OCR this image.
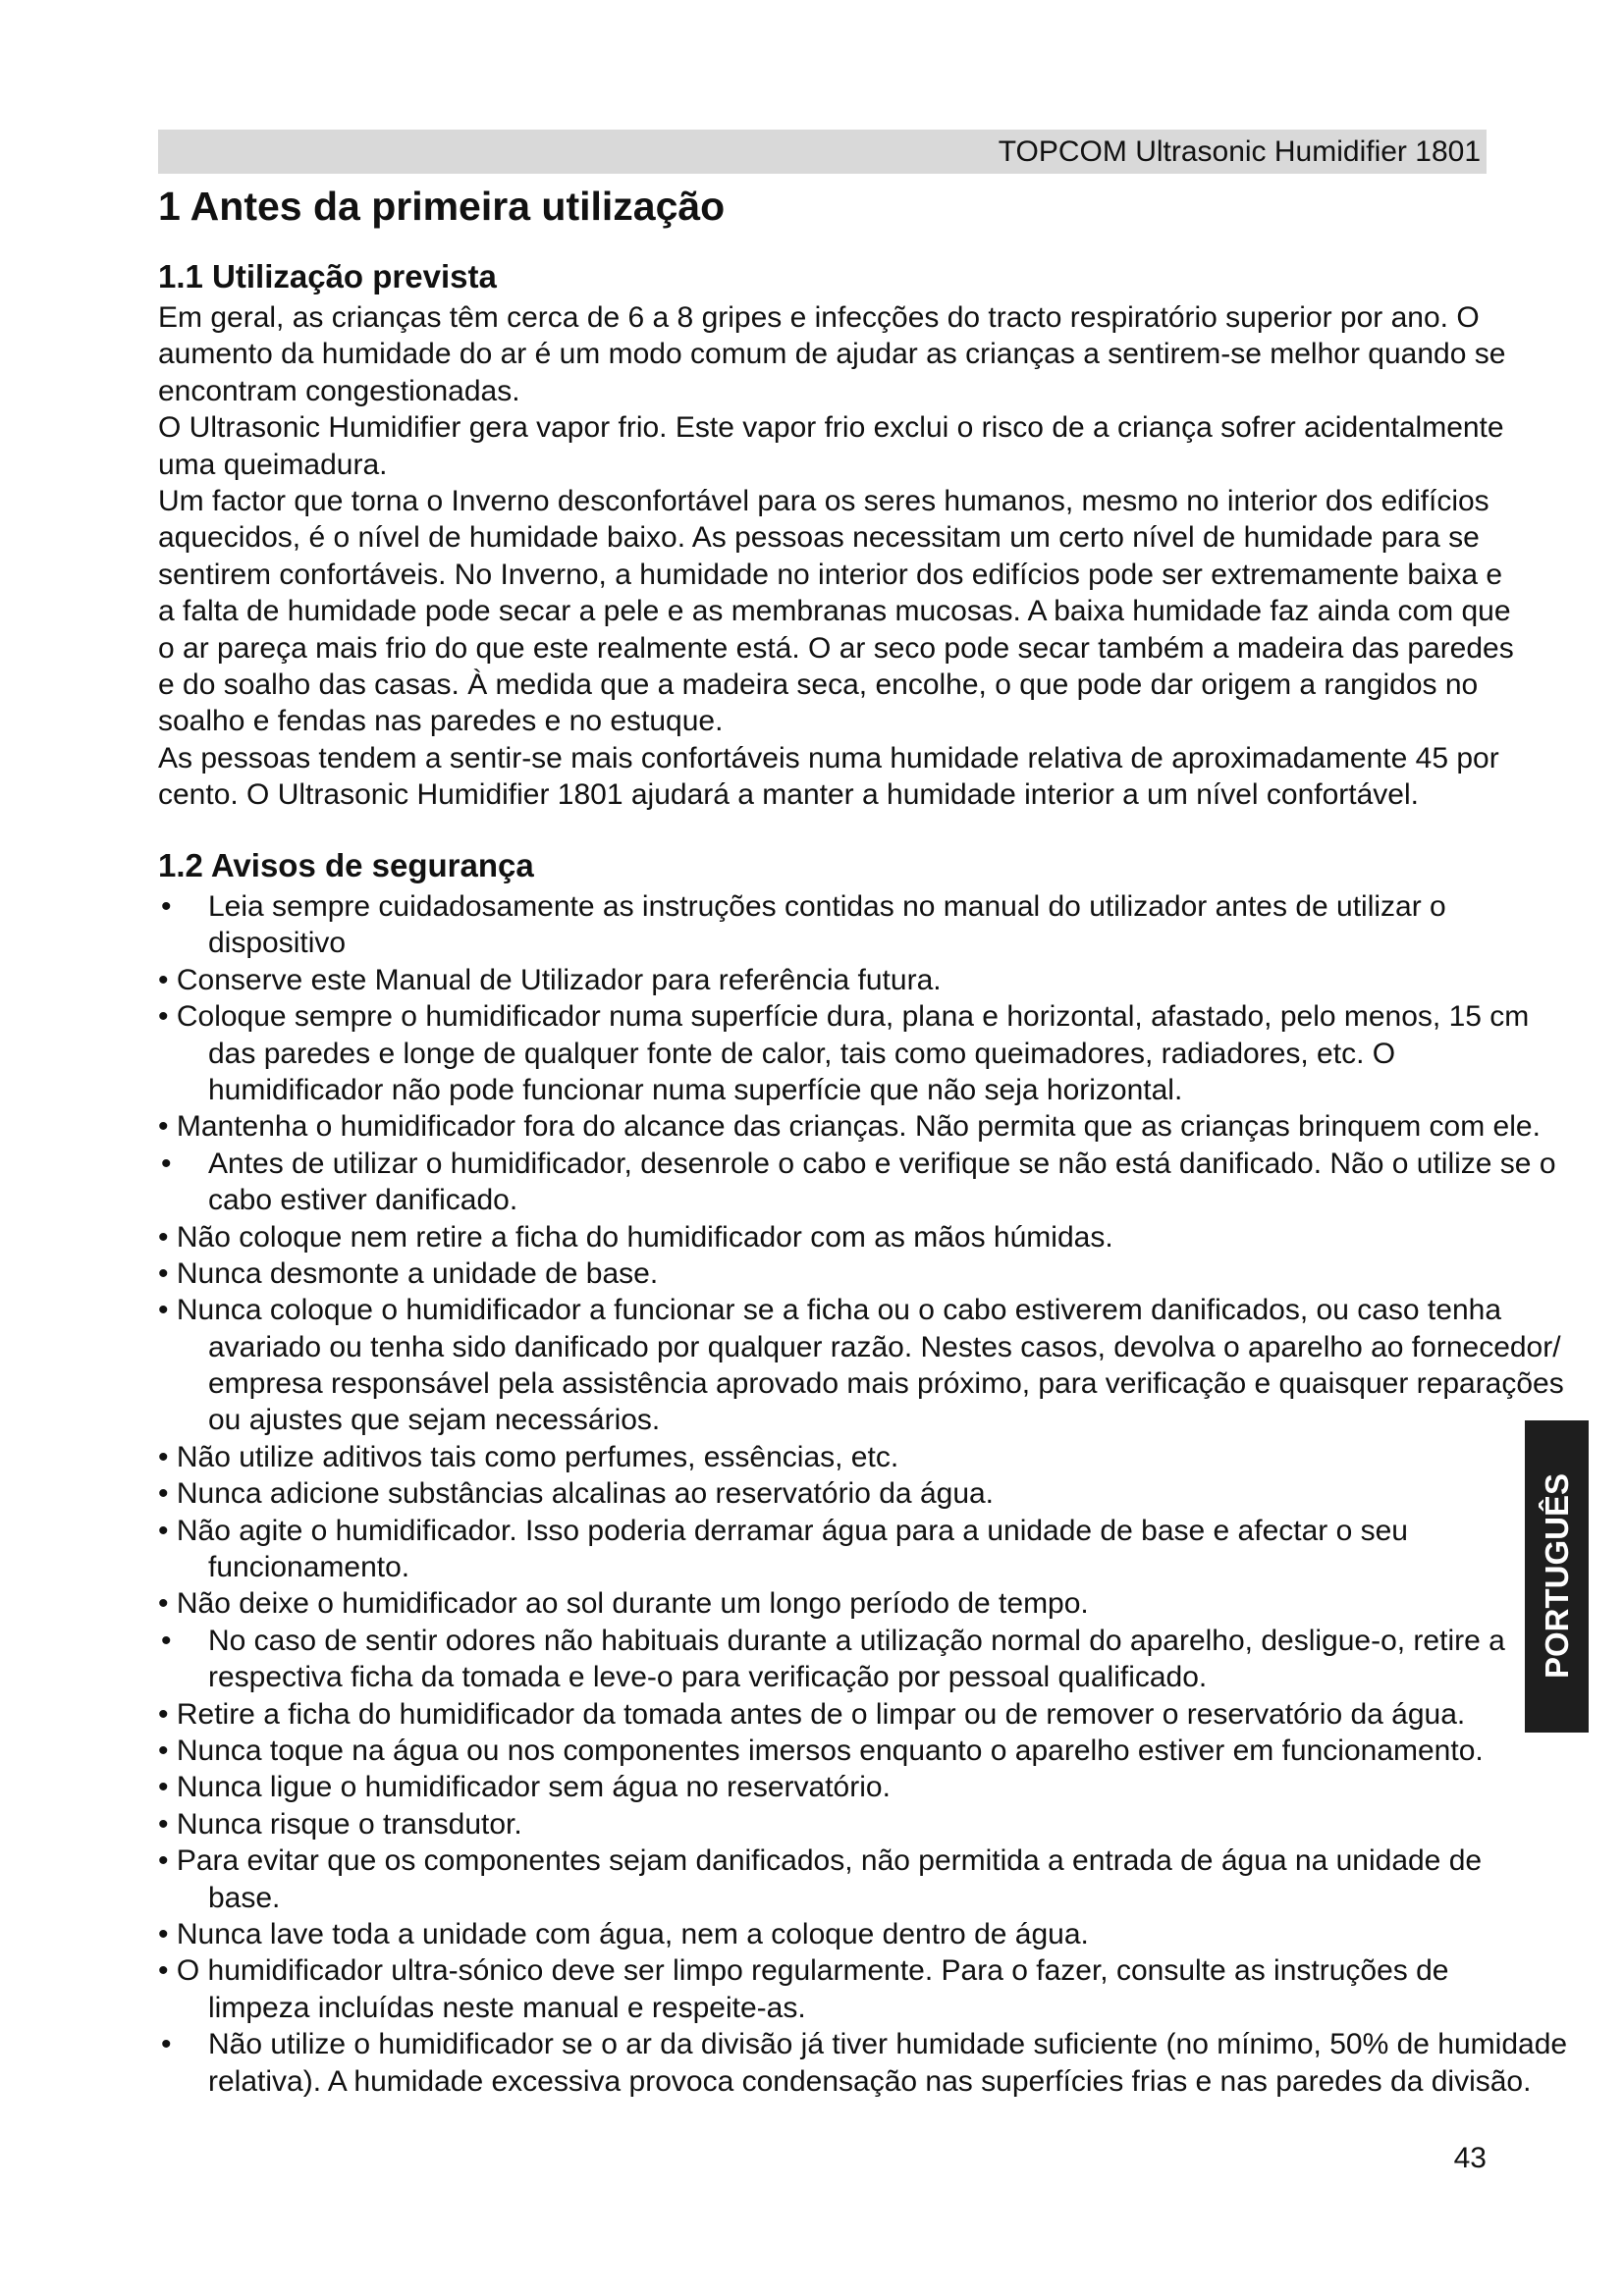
TOPCOM Ultrasonic Humidifier 1801
1 Antes da primeira utilização
1.1 Utilização prevista
Em geral, as crianças têm cerca de 6 a 8 gripes e infecções do tracto respiratório superior por ano. O
aumento da humidade do ar é um modo comum de ajudar as crianças a sentirem-se melhor quando se
encontram congestionadas.
O Ultrasonic Humidifier gera vapor frio. Este vapor frio exclui o risco de a criança sofrer acidentalmente
uma queimadura.
Um factor que torna o Inverno desconfortável para os seres humanos, mesmo no interior dos edifícios
aquecidos, é o nível de humidade baixo. As pessoas necessitam um certo nível de humidade para se
sentirem confortáveis. No Inverno, a humidade no interior dos edifícios pode ser extremamente baixa e
a falta de humidade pode secar a pele e as membranas mucosas. A baixa humidade faz ainda com que
o ar pareça mais frio do que este realmente está. O ar seco pode secar também a madeira das paredes
e do soalho das casas. À medida que a madeira seca, encolhe, o que pode dar origem a rangidos no
soalho e fendas nas paredes e no estuque.
As pessoas tendem a sentir-se mais confortáveis numa humidade relativa de aproximadamente 45 por
cento. O Ultrasonic Humidifier 1801 ajudará a manter a humidade interior a um nível confortável.
1.2 Avisos de segurança
• Leia sempre cuidadosamente as instruções contidas no manual do utilizador antes de utilizar o
dispositivo
• Conserve este Manual de Utilizador para referência futura.
• Coloque sempre o humidificador numa superfície dura, plana e horizontal, afastado, pelo menos, 15 cm
das paredes e longe de qualquer fonte de calor, tais como queimadores, radiadores, etc. O
humidificador não pode funcionar numa superfície que não seja horizontal.
• Mantenha o humidificador fora do alcance das crianças. Não permita que as crianças brinquem com ele.
• Antes de utilizar o humidificador, desenrole o cabo e verifique se não está danificado. Não o utilize se o
cabo estiver danificado.
• Não coloque nem retire a ficha do humidificador com as mãos húmidas.
• Nunca desmonte a unidade de base.
• Nunca coloque o humidificador a funcionar se a ficha ou o cabo estiverem danificados, ou caso tenha
avariado ou tenha sido danificado por qualquer razão. Nestes casos, devolva o aparelho ao fornecedor/
empresa responsável pela assistência aprovado mais próximo, para verificação e quaisquer reparações
ou ajustes que sejam necessários.
• Não utilize aditivos tais como perfumes, essências, etc.
• Nunca adicione substâncias alcalinas ao reservatório da água.
• Não agite o humidificador. Isso poderia derramar água para a unidade de base e afectar o seu
funcionamento.
• Não deixe o humidificador ao sol durante um longo período de tempo.
• No caso de sentir odores não habituais durante a utilização normal do aparelho, desligue-o, retire a
respectiva ficha da tomada e leve-o para verificação por pessoal qualificado.
• Retire a ficha do humidificador da tomada antes de o limpar ou de remover o reservatório da água.
• Nunca toque na água ou nos componentes imersos enquanto o aparelho estiver em funcionamento.
• Nunca ligue o humidificador sem água no reservatório.
• Nunca risque o transdutor.
• Para evitar que os componentes sejam danificados, não permitida a entrada de água na unidade de
base.
• Nunca lave toda a unidade com água, nem a coloque dentro de água.
• O humidificador ultra-sónico deve ser limpo regularmente. Para o fazer, consulte as instruções de
limpeza incluídas neste manual e respeite-as.
• Não utilize o humidificador se o ar da divisão já tiver humidade suficiente (no mínimo, 50% de humidade
relativa). A humidade excessiva provoca condensação nas superfícies frias e nas paredes da divisão.
PORTUGUÊS
43
